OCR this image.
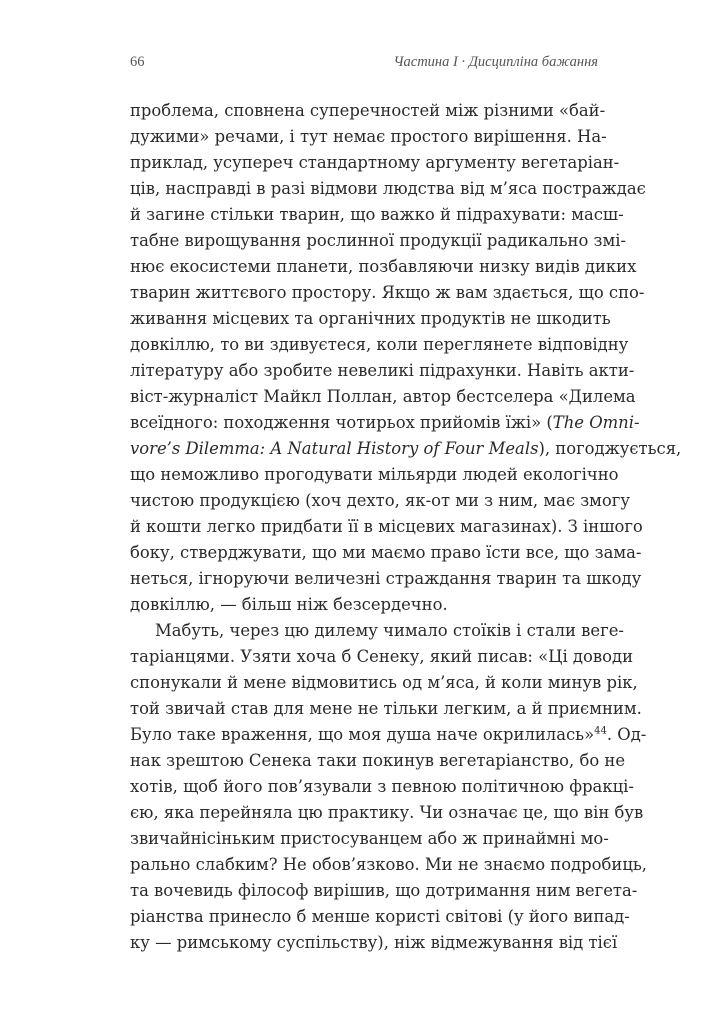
66	Частина І · Дисципліна бажання
проблема, сповнена суперечностей між різними «бай-
дужими» речами, і тут немає простого вирішення. На-
приклад, усупереч стандартному аргументу вегетаріан-
ців, насправді в разі відмови людства від м’яса постраждає
й загине стільки тварин, що важко й підрахувати: масш-
табне вирощування рослинної продукції радикально змі-
нює екосистеми планети, позбавляючи низку видів диких
тварин життєвого простору. Якщо ж вам здається, що спо-
живання місцевих та органічних продуктів не шкодить
довкіллю, то ви здивуєтеся, коли переглянете відповідну
літературу або зробите невеликі підрахунки. Навіть акти-
віст-журналіст Майкл Поллан, автор бестселера «Дилема
всеїдного: походження чотирьох прийомів їжі» (The Omni-
vore’s Dilemma: A Natural History of Four Meals), погоджується,
що неможливо прогодувати мільярди людей екологічно
чистою продукцією (хоч дехто, як-от ми з ним, має змогу
й кошти легко придбати її в місцевих магазинах). З іншого
боку, стверджувати, що ми маємо право їсти все, що зама-
неться, ігноруючи величезні страждання тварин та шкоду
довкіллю, — більш ніж безсердечно.
Мабуть, через цю дилему чимало стоїків і стали веге-
таріанцями. Узяти хоча б Сенеку, який писав: «Ці доводи
спонукали й мене відмовитись од м’яса, й коли минув рік,
той звичай став для мене не тільки легким, а й приємним.
Було таке враження, що моя душа наче окрилилась»$^{44}$. Од-
нак зрештою Сенека таки покинув вегетаріанство, бо не
хотів, щоб його пов’язували з певною політичною фракці-
єю, яка перейняла цю практику. Чи означає це, що він був
звичайнісіньким пристосуванцем або ж принаймні мо-
рально слабким? Не обов’язково. Ми не знаємо подробиць,
та вочевидь філософ вирішив, що дотримання ним вегета-
ріанства принесло б менше користі світові (у його випад-
ку — римському суспільству), ніж відмежування від тієї
